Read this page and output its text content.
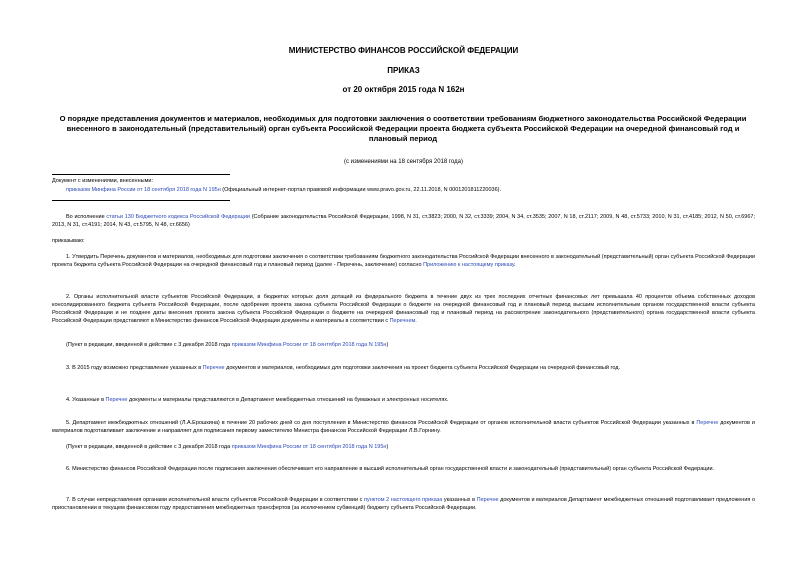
МИНИСТЕРСТВО ФИНАНСОВ РОССИЙСКОЙ ФЕДЕРАЦИИ
ПРИКАЗ
от 20 октября 2015 года N 162н
О порядке представления документов и материалов, необходимых для подготовки заключения о соответствии требованиям бюджетного законодательства Российской Федерации внесенного в законодательный (представительный) орган субъекта Российской Федерации проекта бюджета субъекта Российской Федерации на очередной финансовый год и плановый период
(с изменениями на 18 сентября 2018 года)
Документ с изменениями, внесенными:
приказом Минфина России от 18 сентября 2018 года N 195н (Официальный интернет-портал правовой информации www.pravo.gov.ru, 22.11.2018, N 0001201811220036).
Во исполнение статьи 130 Бюджетного кодекса Российской Федерации (Собрание законодательства Российской Федерации, 1998, N 31, ст.3823; 2000, N 32, ст.3339; 2004, N 34, ст.3535; 2007, N 18, ст.2117; 2009, N 48, ст.5733; 2010, N 31, ст.4185; 2012, N 50, ст.6967; 2013, N 31, ст.4191; 2014, N 43, ст.5795, N 48, ст.6656)
приказываю:
1. Утвердить Перечень документов и материалов, необходимых для подготовки заключения о соответствии требованиям бюджетного законодательства Российской Федерации внесенного в законодательный (представительный) орган субъекта Российской Федерации проекта бюджета субъекта Российской Федерации на очередной финансовый год и плановый период (далее - Перечень, заключение) согласно Приложению к настоящему приказу.
2. Органы исполнительной власти субъектов Российской Федерации, в бюджетах которых доля дотаций из федерального бюджета в течение двух из трех последних отчетных финансовых лет превышала 40 процентов объема собственных доходов консолидированного бюджета субъекта Российской Федерации, после одобрения проекта закона субъекта Российской Федерации о бюджете на очередной финансовый год и плановый период высшим исполнительным органом государственной власти субъекта Российской Федерации и не позднее даты внесения проекта закона субъекта Российской Федерации о бюджете на очередной финансовый год и плановый период на рассмотрение законодательного (представительного) органа государственной власти субъекта Российской Федерации представляют в Министерство финансов Российской Федерации документы и материалы в соответствии с Перечнем.
(Пункт в редакции, введенной в действие с 3 декабря 2018 года приказом Минфина России от 18 сентября 2018 года N 195н)
3. В 2015 году возможно представление указанных в Перечне документов и материалов, необходимых для подготовки заключения на проект бюджета субъекта Российской Федерации на очередной финансовый год.
4. Указанные в Перечне документы и материалы представляются в Департамент межбюджетных отношений на бумажных и электронных носителях.
5. Департамент межбюджетных отношений (Л.А.Ерошкина) в течение 20 рабочих дней со дня поступления в Министерство финансов Российской Федерации от органов исполнительной власти субъектов Российской Федерации указанных в Перечне документов и материалов подготавливает заключение и направляет для подписания первому заместителю Министра финансов Российской Федерации Л.В.Горнину.
(Пункт в редакции, введенной в действие с 3 декабря 2018 года приказом Минфина России от 18 сентября 2018 года N 195н)
6. Министерство финансов Российской Федерации после подписания заключения обеспечивает его направление в высший исполнительный орган государственной власти и законодательный (представительный) орган субъекта Российской Федерации.
7. В случае непредставления органами исполнительной власти субъектов Российской Федерации в соответствии с пунктом 2 настоящего приказа указанных в Перечне документов и материалов Департамент межбюджетных отношений подготавливает предложения о приостановлении в текущем финансовом году предоставления межбюджетных трансфертов (за исключением субвенций) бюджету субъекта Российской Федерации.
